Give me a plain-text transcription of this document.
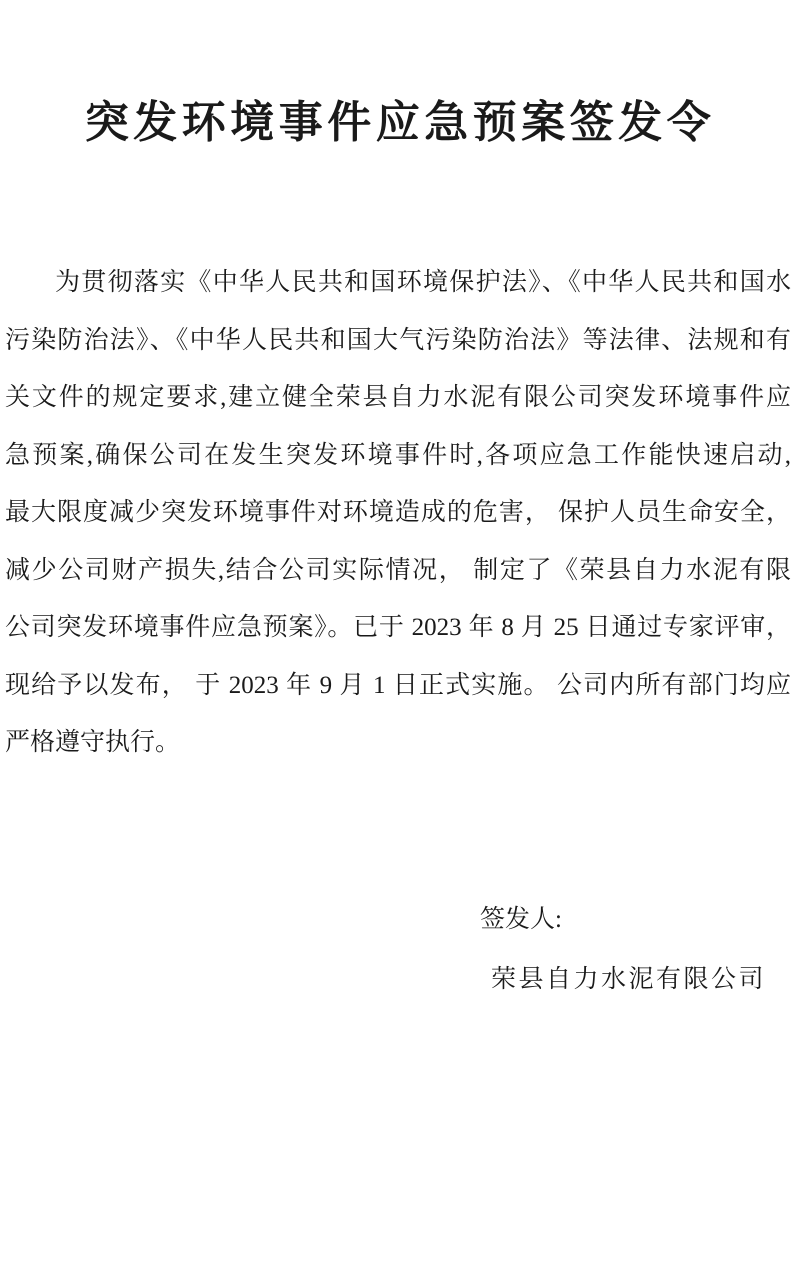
突发环境事件应急预案签发令
为贯彻落实《中华人民共和国环境保护法》、《中华人民共和国水
污染防治法》、《中华人民共和国大气污染防治法》等法律、法规和有
关文件的规定要求,建立健全荣县自力水泥有限公司突发环境事件应
急预案,确保公司在发生突发环境事件时,各项应急工作能快速启动,
最大限度减少突发环境事件对环境造成的危害， 保护人员生命安全，
减少公司财产损失,结合公司实际情况， 制定了《荣县自力水泥有限
公司突发环境事件应急预案》。已于 2023 年 8 月 25 日通过专家评审，
现给予以发布， 于 2023 年 9 月 1 日正式实施。 公司内所有部门均应
严格遵守执行。
签发人:
荣县自力水泥有限公司
